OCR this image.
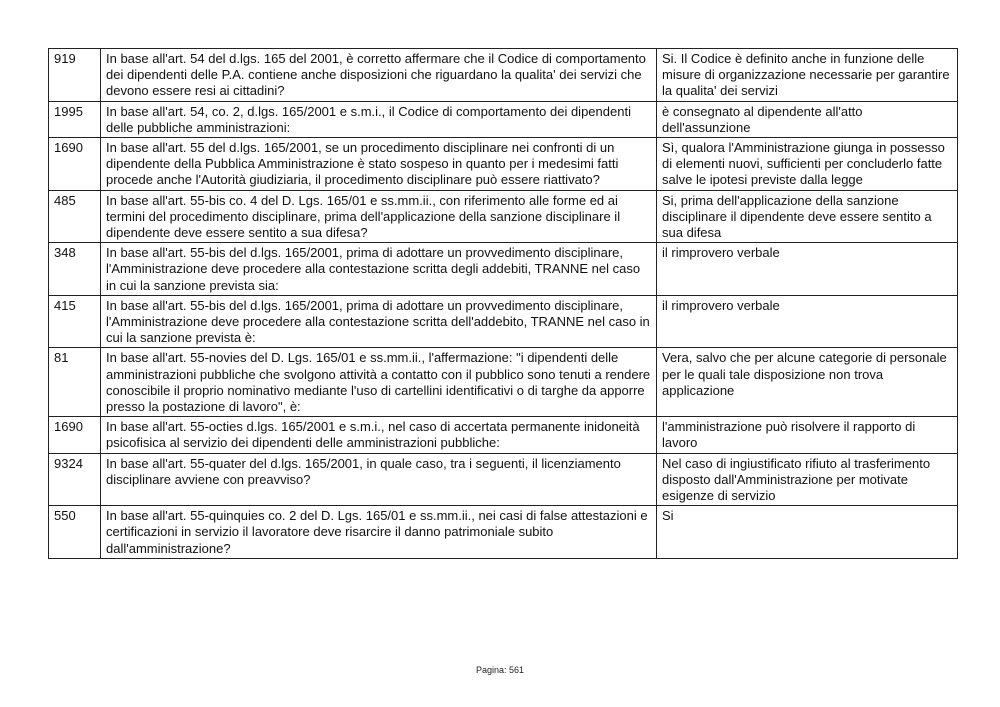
919	In base all'art. 54 del d.lgs. 165 del 2001, è corretto affermare che il Codice di comportamento dei dipendenti delle P.A. contiene anche disposizioni che riguardano la qualita' dei servizi che devono essere resi ai cittadini?	Si. Il Codice è definito anche in funzione delle misure di organizzazione necessarie per garantire la qualita' dei servizi
1995	In base all'art. 54, co. 2, d.lgs. 165/2001 e s.m.i., il Codice di comportamento dei dipendenti delle pubbliche amministrazioni:	è consegnato al dipendente all'atto dell'assunzione
1690	In base all'art. 55 del d.lgs. 165/2001, se un procedimento disciplinare nei confronti di un dipendente della Pubblica Amministrazione è stato sospeso in quanto per i medesimi fatti procede anche l'Autorità giudiziaria, il procedimento disciplinare può essere riattivato?	Sì, qualora l'Amministrazione giunga in possesso di elementi nuovi, sufficienti per concluderlo fatte salve le ipotesi previste dalla legge
485	In base all'art. 55-bis co. 4 del D. Lgs. 165/01 e ss.mm.ii., con riferimento alle forme ed ai termini del procedimento disciplinare, prima dell'applicazione della sanzione disciplinare il dipendente deve essere sentito a sua difesa?	Si, prima dell'applicazione della sanzione disciplinare il dipendente deve essere sentito a sua difesa
348	In base all'art. 55-bis del d.lgs. 165/2001, prima di adottare un provvedimento disciplinare, l'Amministrazione deve procedere alla contestazione scritta degli addebiti, TRANNE nel caso in cui la sanzione prevista sia:	il rimprovero verbale
415	In base all'art. 55-bis del d.lgs. 165/2001, prima di adottare un provvedimento disciplinare, l'Amministrazione deve procedere alla contestazione scritta dell'addebito, TRANNE nel caso in cui la sanzione prevista è:	il rimprovero verbale
81	In base all'art. 55-novies del D. Lgs. 165/01 e ss.mm.ii., l'affermazione: "i dipendenti delle amministrazioni pubbliche che svolgono attività a contatto con il pubblico sono tenuti a rendere conoscibile il proprio nominativo mediante l'uso di cartellini identificativi o di targhe da apporre presso la postazione di lavoro", è:	Vera, salvo che per alcune categorie di personale per le quali tale disposizione non trova applicazione
1690	In base all'art. 55-octies d.lgs. 165/2001 e s.m.i., nel caso di accertata permanente inidoneità psicofisica al servizio dei dipendenti delle amministrazioni pubbliche:	l'amministrazione può risolvere il rapporto di lavoro
9324	In base all'art. 55-quater del d.lgs. 165/2001, in quale caso, tra i seguenti, il licenziamento disciplinare avviene con preavviso?	Nel caso di ingiustificato rifiuto al trasferimento disposto dall'Amministrazione per motivate esigenze di servizio
550	In base all'art. 55-quinquies co. 2 del D. Lgs. 165/01 e ss.mm.ii., nei casi di false attestazioni e certificazioni in servizio il lavoratore deve risarcire il danno patrimoniale subito dall'amministrazione?	Si
Pagina: 561
